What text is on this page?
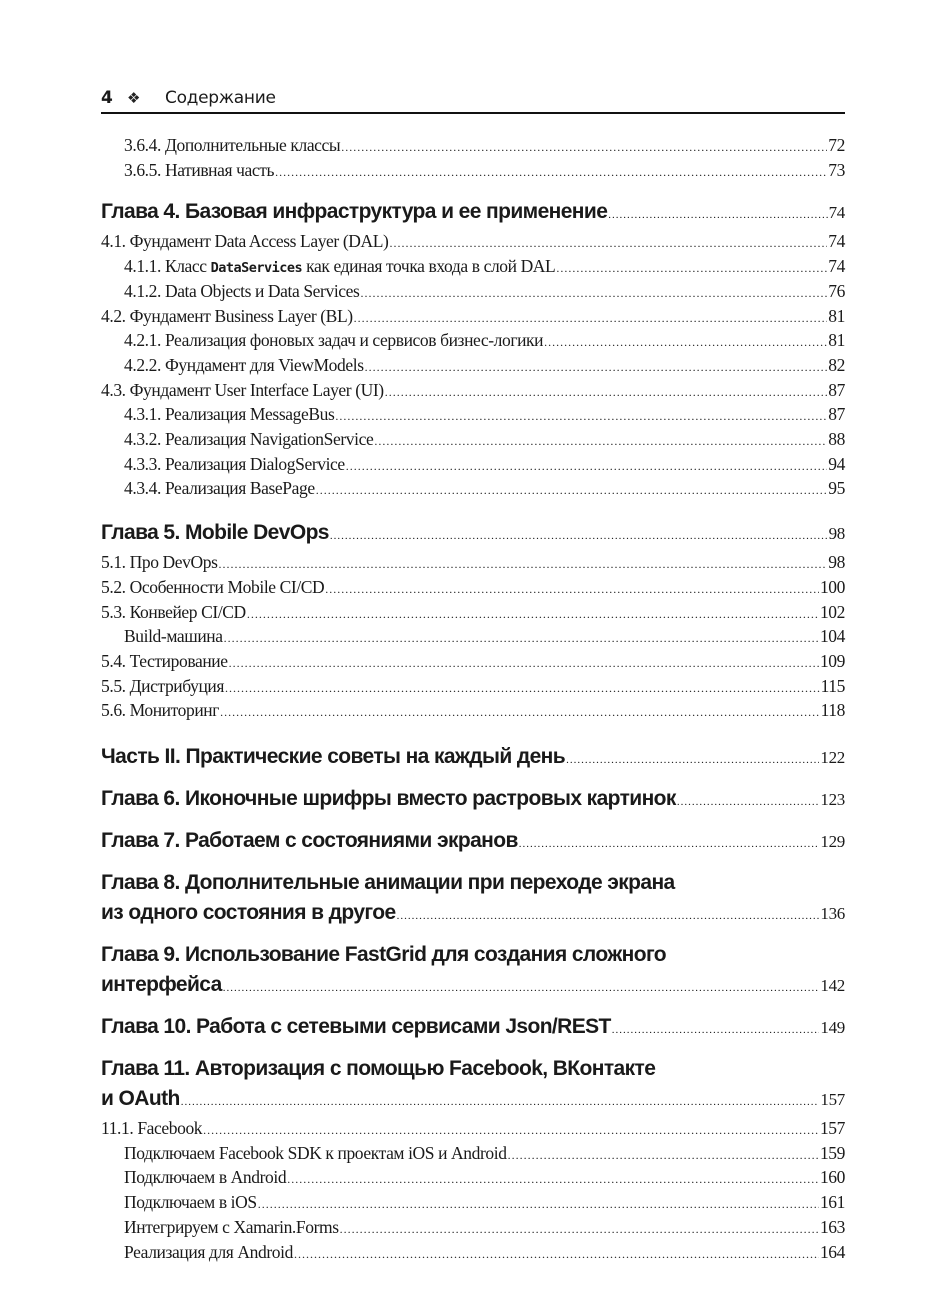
4 ❖	Содержание
3.6.4. Дополнительные классы .....	72
3.6.5. Нативная часть .....	73
Глава 4. Базовая инфраструктура и ее применение .....	74
4.1. Фундамент Data Access Layer (DAL) .....	74
4.1.1. Класс DataServices как единая точка входа в слой DAL .....	74
4.1.2. Data Objects и Data Services .....	76
4.2. Фундамент Business Layer (BL) .....	81
4.2.1. Реализация фоновых задач и сервисов бизнес-логики .....	81
4.2.2. Фундамент для ViewModels .....	82
4.3. Фундамент User Interface Layer (UI) .....	87
4.3.1. Реализация MessageBus .....	87
4.3.2. Реализация NavigationService .....	88
4.3.3. Реализация DialogService .....	94
4.3.4. Реализация BasePage .....	95
Глава 5. Mobile DevOps .....	98
5.1. Про DevOps .....	98
5.2. Особенности Mobile CI/CD .....	100
5.3. Конвейер CI/CD .....	102
Build-машина .....	104
5.4. Тестирование .....	109
5.5. Дистрибуция .....	115
5.6. Мониторинг .....	118
Часть II. Практические советы на каждый день .....	122
Глава 6. Иконочные шрифры вместо растровых картинок .....	123
Глава 7. Работаем с состояниями экранов .....	129
Глава 8. Дополнительные анимации при переходе экрана
из одного состояния в другое .....	136
Глава 9. Использование FastGrid для создания сложного
интерфейса .....	142
Глава 10. Работа с сетевыми сервисами Json/REST .....	149
Глава 11. Авторизация с помощью Facebook, ВКонтакте
и OAuth .....	157
11.1. Facebook .....	157
Подключаем Facebook SDK к проектам iOS и Android .....	159
Подключаем в Android .....	160
Подключаем в iOS .....	161
Интегрируем с Xamarin.Forms .....	163
Реализация для Android .....	164
